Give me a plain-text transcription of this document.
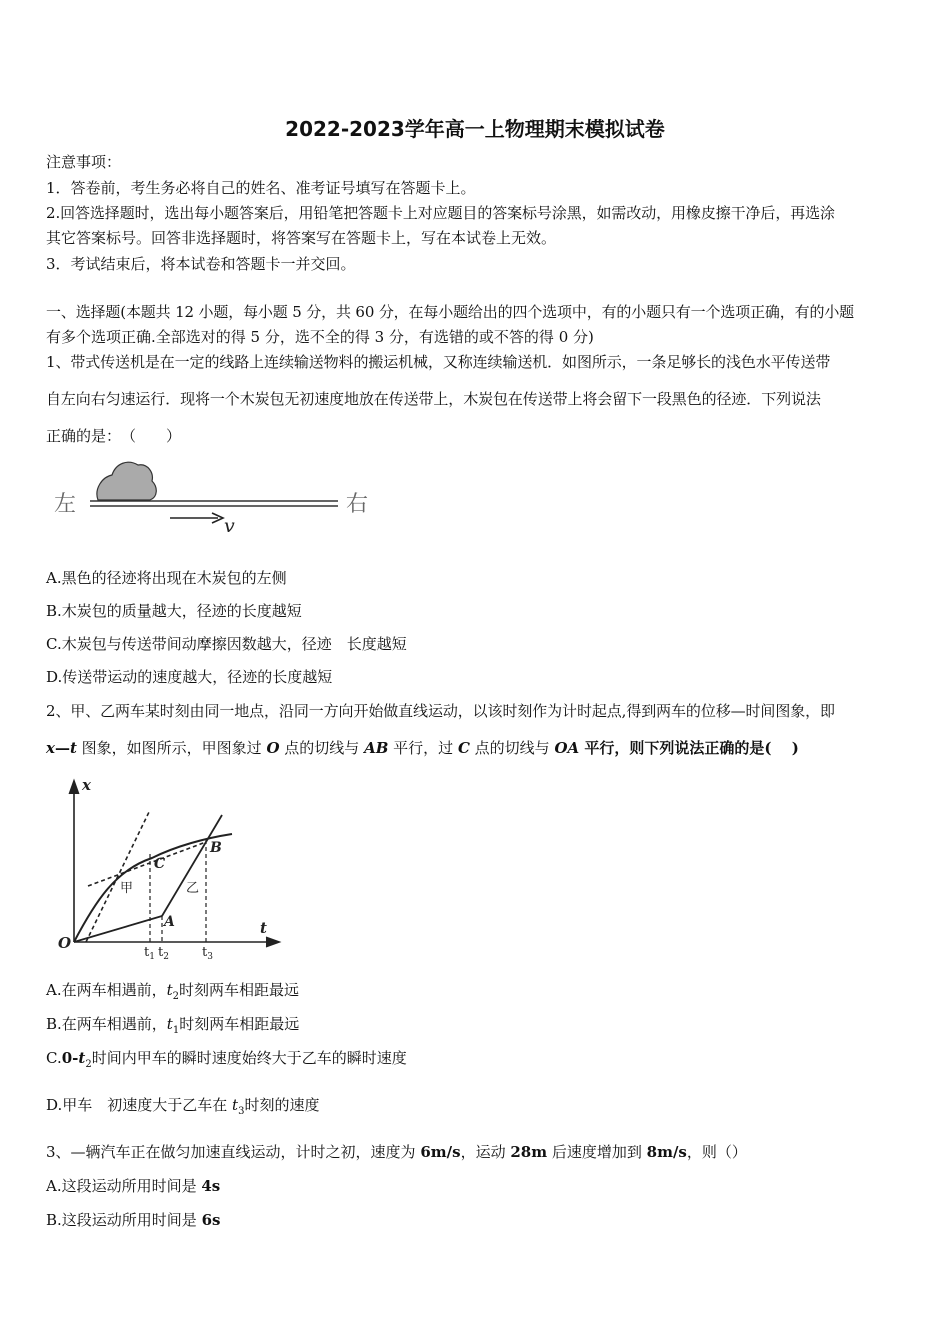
2022-2023学年高一上物理期末模拟试卷
注意事项：
1．答卷前，考生务必将自己的姓名、准考证号填写在答题卡上。
2.回答选择题时，选出每小题答案后，用铅笔把答题卡上对应题目的答案标号涂黑，如需改动，用橡皮擦干净后，再选涂
其它答案标号。回答非选择题时，将答案写在答题卡上，写在本试卷上无效。
3．考试结束后，将本试卷和答题卡一并交回。
一、选择题(本题共 12 小题，每小题 5 分，共 60 分，在每小题给出的四个选项中，有的小题只有一个选项正确，有的小题
有多个选项正确.全部选对的得 5 分，选不全的得 3 分，有选错的或不答的得 0 分)
1、带式传送机是在一定的线路上连续输送物料的搬运机械，又称连续输送机．如图所示，一条足够长的浅色水平传送带
自左向右匀速运行．现将一个木炭包无初速度地放在传送带上，木炭包在传送带上将会留下一段黑色的径迹．下列说法
正确的是：　（　　）
左
v
右
A.黑色的径迹将出现在木炭包的左侧
B.木炭包的质量越大，径迹的长度越短
C.木炭包与传送带间动摩擦因数越大，径迹　长度越短
D.传送带运动的速度越大，径迹的长度越短
2、甲、乙两车某时刻由同一地点，沿同一方向开始做直线运动，以该时刻作为计时起点,得到两车的位移—时间图象，即
x—t 图象，如图所示，甲图象过 O 点的切线与 AB 平行，过 C 点的切线与 OA 平行，则下列说法正确的是(　 )
x
t
O
C
A
B
甲	乙
$t_1$ $t_2$	$t_3$
A.在两车相遇前，$t_2$时刻两车相距最远
B.在两车相遇前，$t_1$时刻两车相距最远
$C.0-t_2$时间内甲车的瞬时速度始终大于乙车的瞬时速度
D.甲车　初速度大于乙车在 $t_3$时刻的速度
3、—辆汽车正在做匀加速直线运动，计时之初，速度为 6m/s，运动 28m 后速度增加到 8m/s，则（）
A.这段运动所用时间是 4s
B.这段运动所用时间是 6s
